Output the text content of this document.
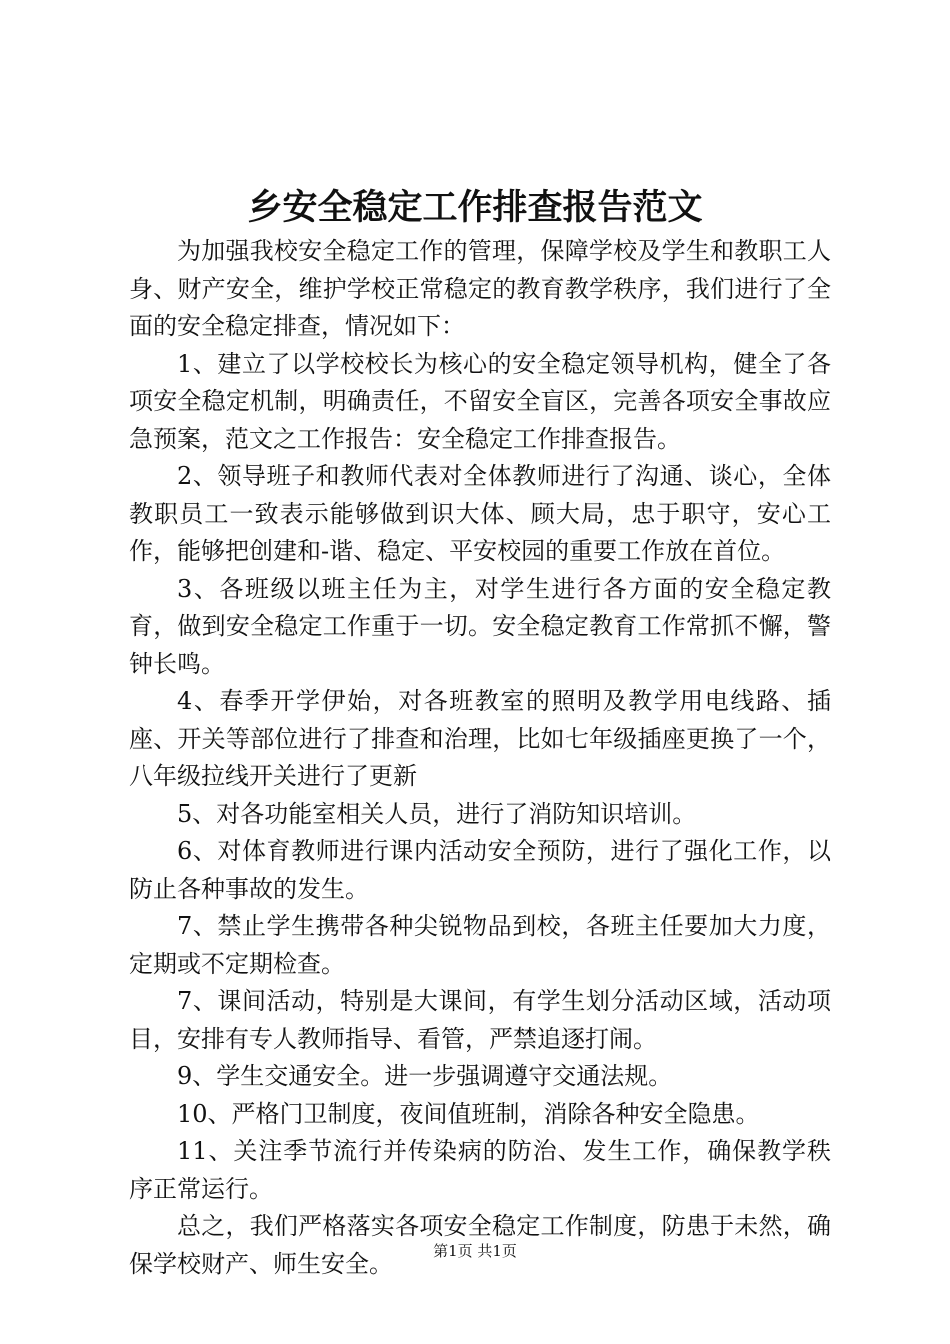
乡安全稳定工作排查报告范文

为加强我校安全稳定工作的管理，保障学校及学生和教职工人身、财产安全，维护学校正常稳定的教育教学秩序，我们进行了全面的安全稳定排查，情况如下：

1、建立了以学校校长为核心的安全稳定领导机构，健全了各项安全稳定机制，明确责任，不留安全盲区，完善各项安全事故应急预案，范文之工作报告：安全稳定工作排查报告。

2、领导班子和教师代表对全体教师进行了沟通、谈心，全体教职员工一致表示能够做到识大体、顾大局，忠于职守，安心工作，能够把创建和-谐、稳定、平安校园的重要工作放在首位。

3、各班级以班主任为主，对学生进行各方面的安全稳定教育，做到安全稳定工作重于一切。安全稳定教育工作常抓不懈，警钟长鸣。

4、春季开学伊始，对各班教室的照明及教学用电线路、插座、开关等部位进行了排查和治理，比如七年级插座更换了一个，八年级拉线开关进行了更新

5、对各功能室相关人员，进行了消防知识培训。

6、对体育教师进行课内活动安全预防，进行了强化工作，以防止各种事故的发生。

7、禁止学生携带各种尖锐物品到校，各班主任要加大力度，定期或不定期检查。

7、课间活动，特别是大课间，有学生划分活动区域，活动项目，安排有专人教师指导、看管，严禁追逐打闹。

9、学生交通安全。进一步强调遵守交通法规。

10、严格门卫制度，夜间值班制，消除各种安全隐患。

11、关注季节流行并传染病的防治、发生工作，确保教学秩序正常运行。

总之，我们严格落实各项安全稳定工作制度，防患于未然，确保学校财产、师生安全。	第1页 共1页
